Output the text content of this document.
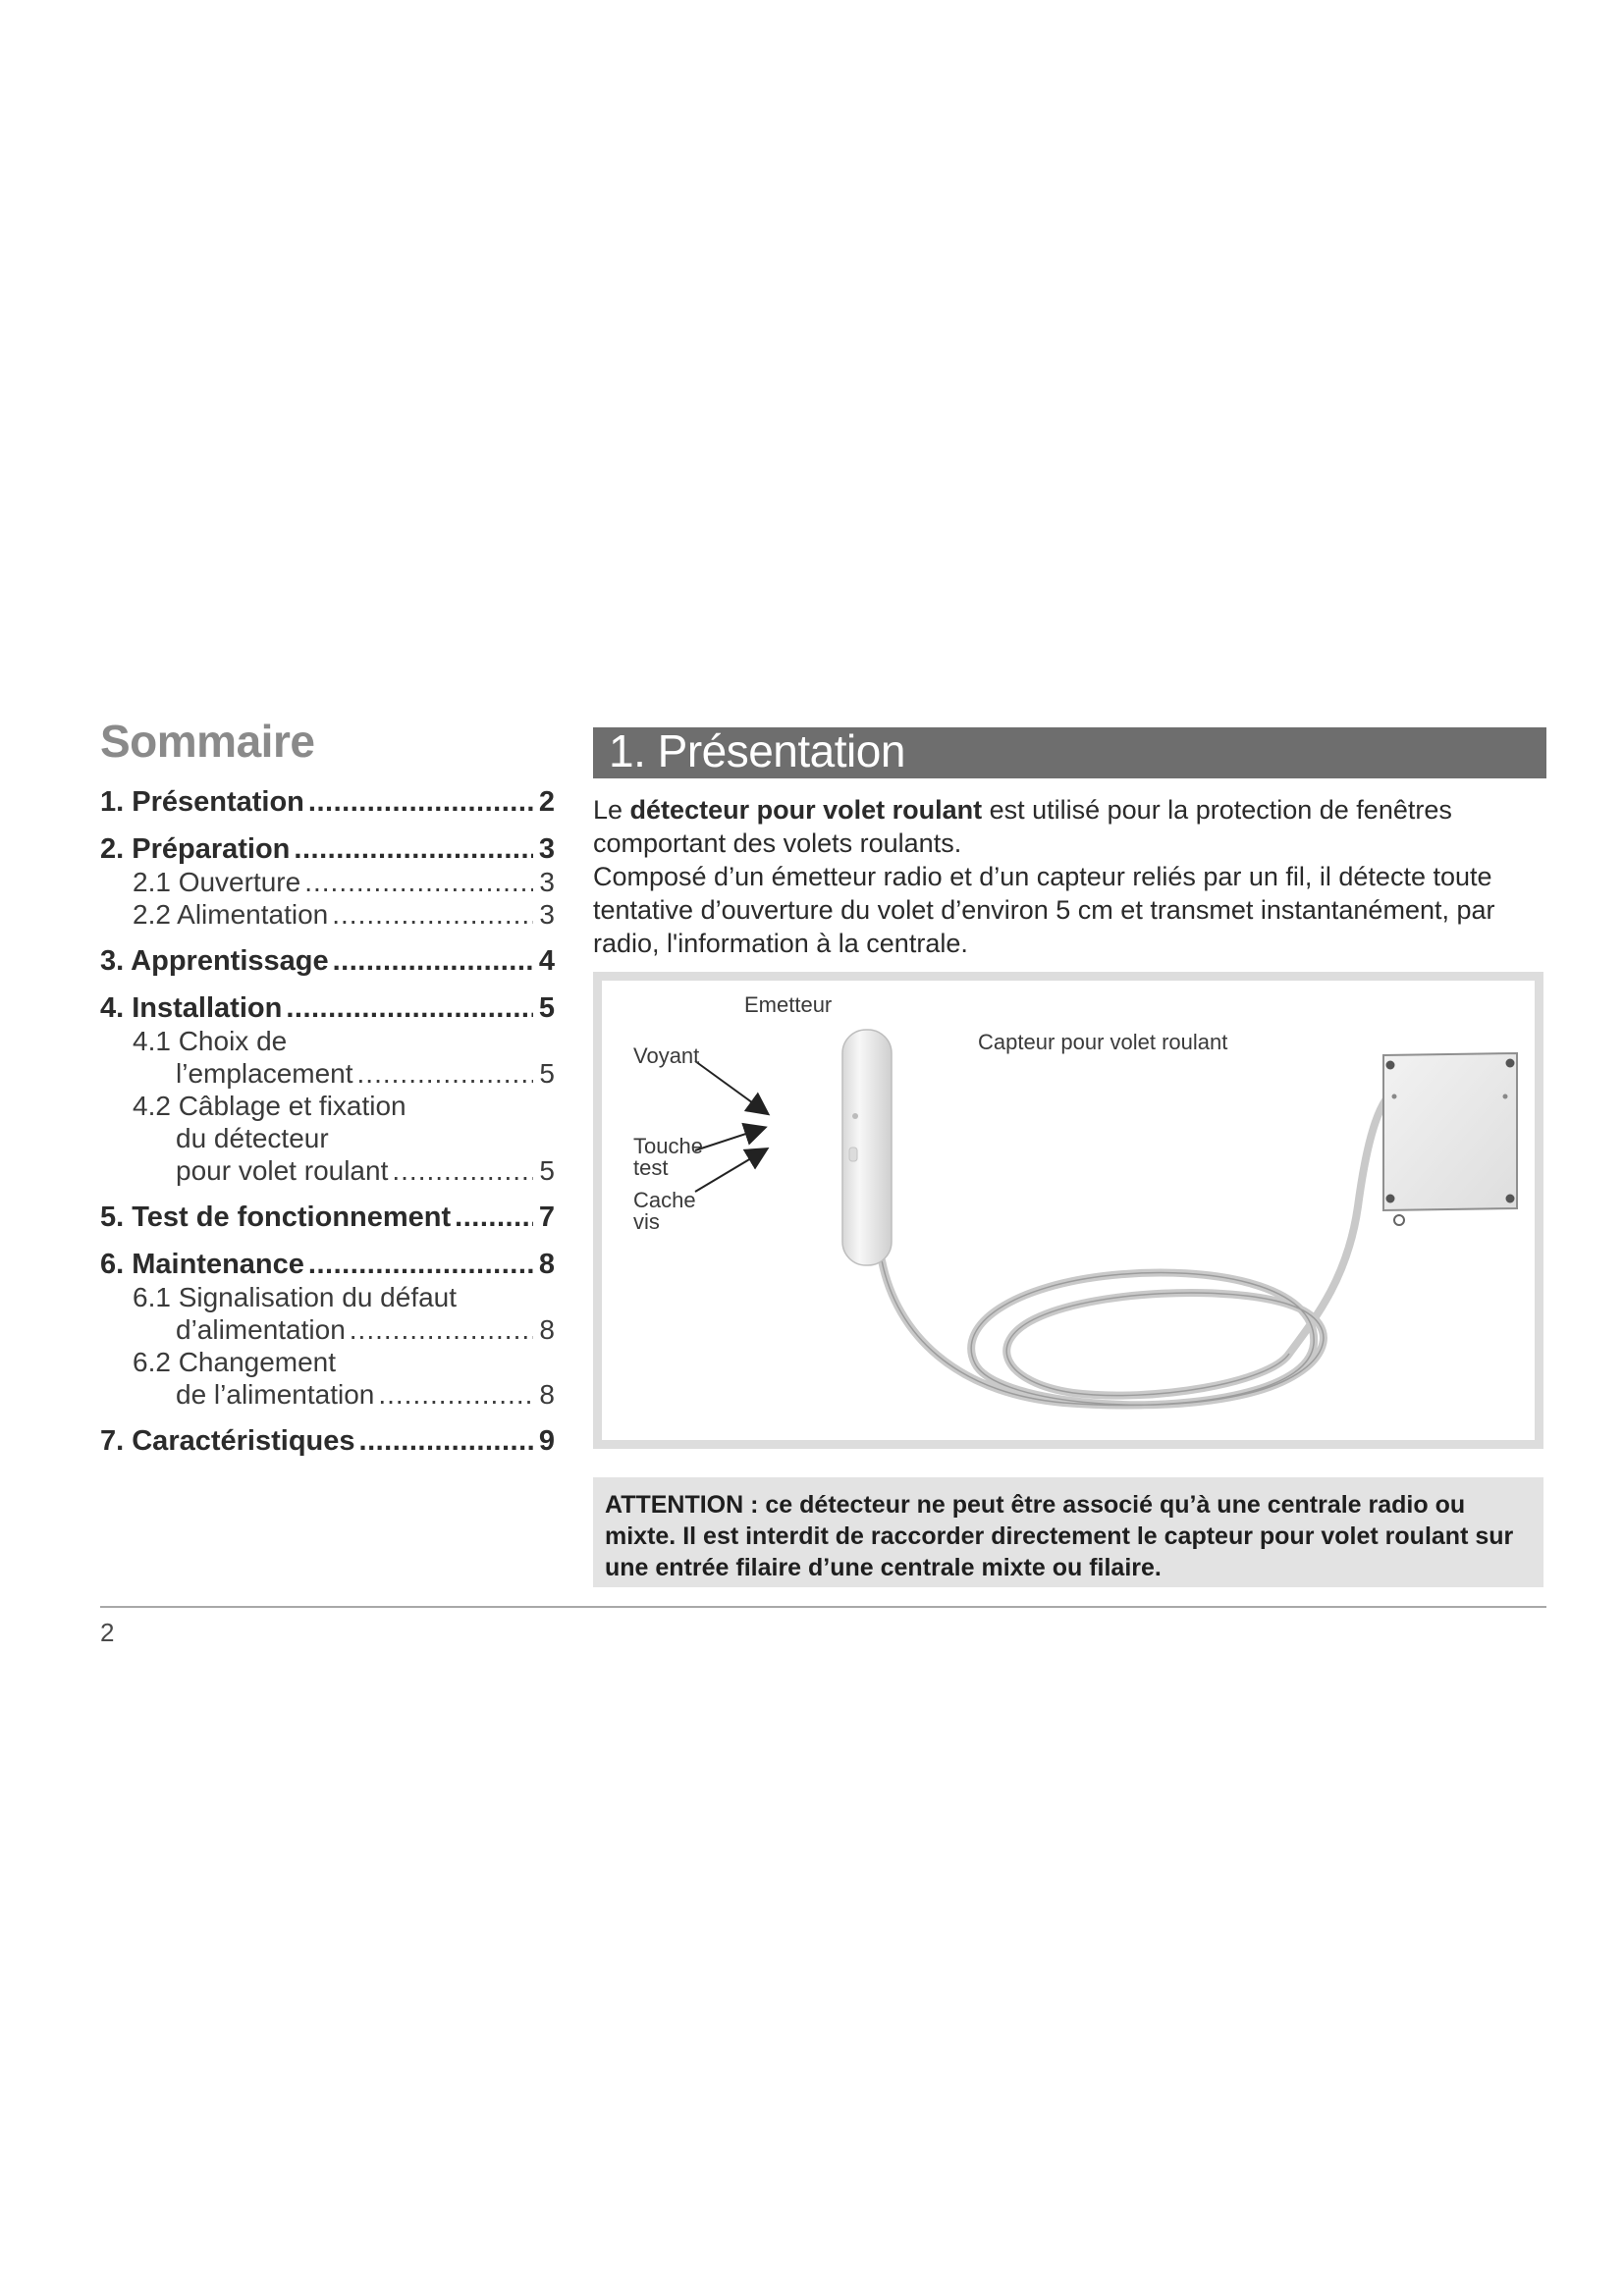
Sommaire
1. Présentation .....	2
2. Préparation .....	3
2.1 Ouverture .....	3
2.2 Alimentation .....	3
3. Apprentissage .....	4
4. Installation .....	5
4.1 Choix de
l’emplacement .....	5
4.2 Câblage et fixation
du détecteur
pour volet roulant .....	5
5. Test de fonctionnement .....	7
6. Maintenance .....	8
6.1 Signalisation du défaut
d’alimentation .....	8
6.2 Changement
de l’alimentation .....	8
7. Caractéristiques .....	9
1. Présentation

Le détecteur pour volet roulant est utilisé pour la protection de fenêtres comportant des volets roulants.

Composé d’un émetteur radio et d’un capteur reliés par un fil, il détecte toute tentative d’ouverture du volet d’environ 5 cm et transmet instantanément, par radio, l'information à la centrale.

Emetteur
Capteur pour volet roulant
Voyant
Touche
test
Cache
vis
ATTENTION : ce détecteur ne peut être associé qu’à une centrale radio ou mixte. Il est interdit de raccorder directement le capteur pour volet roulant sur une entrée filaire d’une centrale mixte ou filaire.
2
